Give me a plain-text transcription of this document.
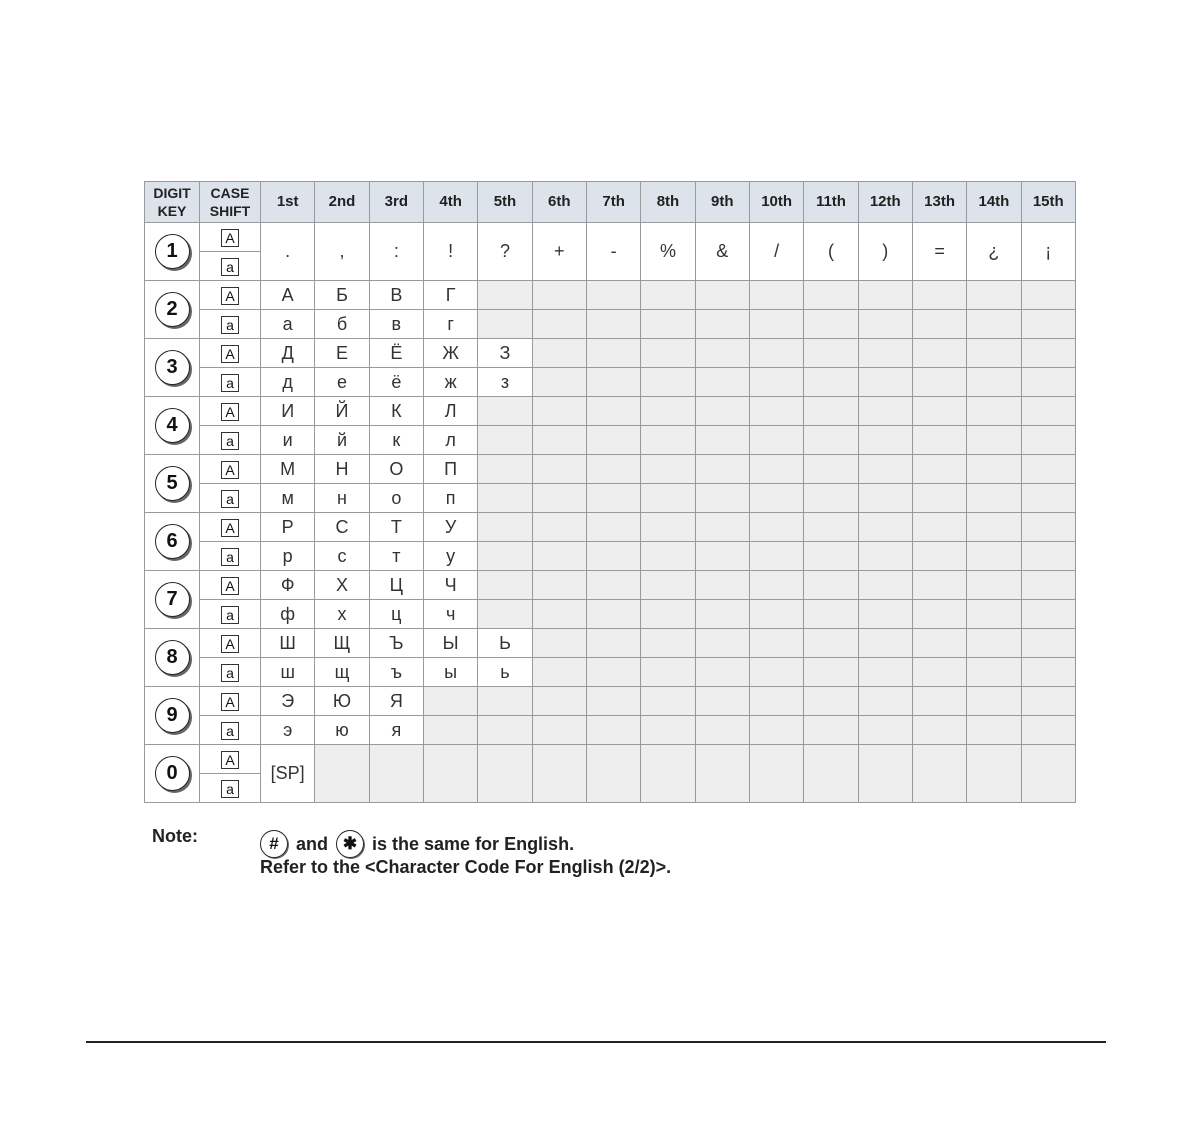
DIGIT KEY	CASE SHIFT	1st	2nd	3rd	4th	5th	6th	7th	8th	9th	10th	11th	12th	13th	14th	15th
1	A	.	,	:	!	?	+	-	%	&	/	(	)	=	¿	¡
	a															
2	A	А	Б	В	Г											
	a	а	б	в	г											
3	A	Д	Е	Ё	Ж	З										
	a	д	е	ё	ж	з										
4	A	И	Й	К	Л											
	a	и	й	к	л											
5	A	М	Н	О	П											
	a	м	н	о	п											
6	A	Р	С	Т	У											
	a	р	с	т	у											
7	A	Ф	Х	Ц	Ч											
	a	ф	х	ц	ч											
8	A	Ш	Щ	Ъ	Ы	Ь										
	a	ш	щ	ъ	ы	ь										
9	A	Э	Ю	Я												
	a	э	ю	я												
0	A	[SP]														
	a															
Note:	# and ✱ is the same for English.
Refer to the <Character Code For English (2/2)>.
